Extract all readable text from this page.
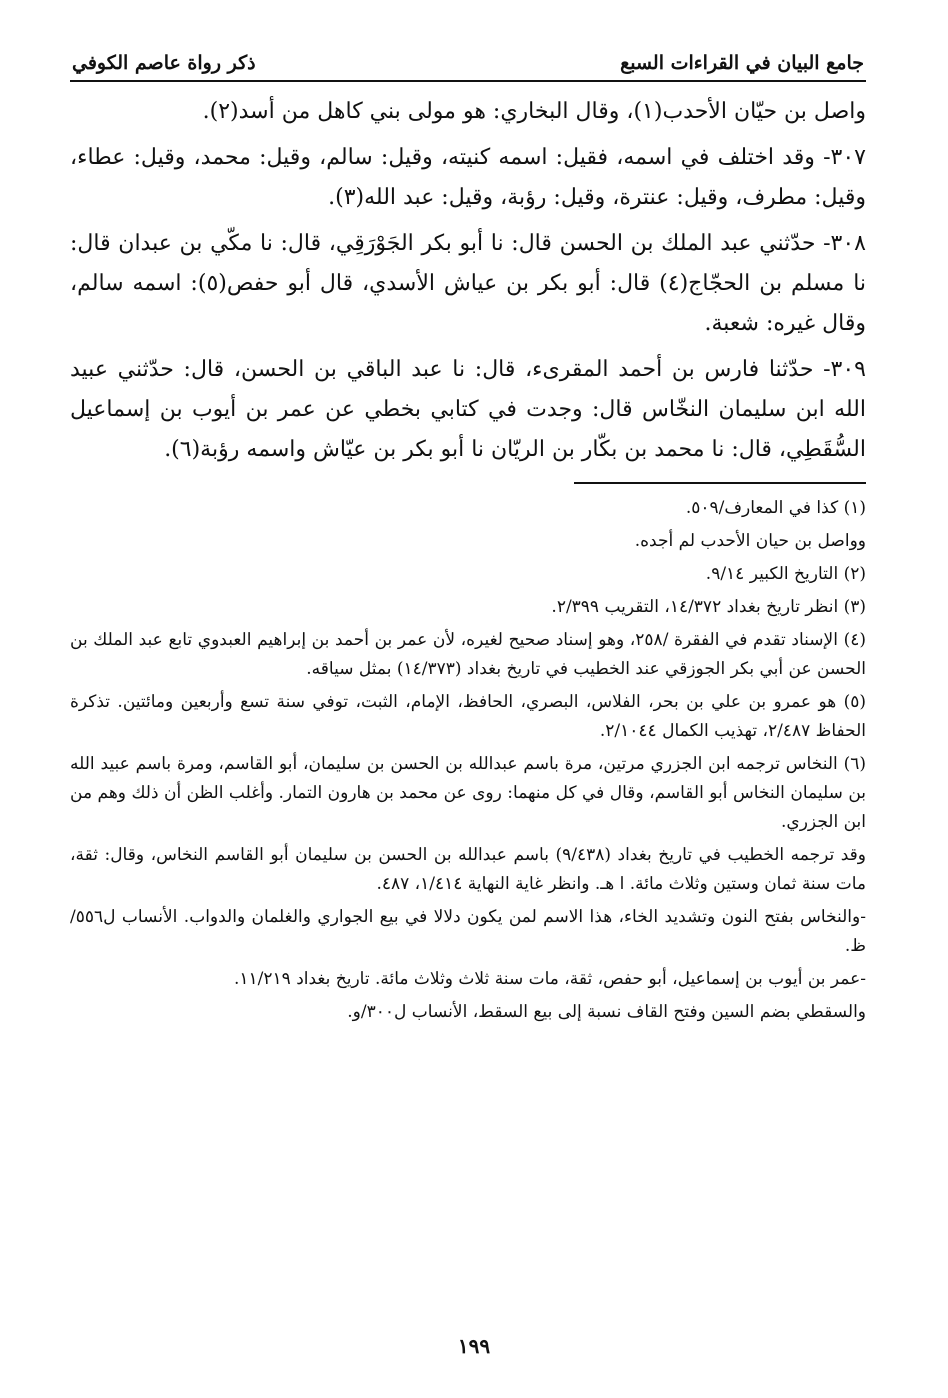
جامع البيان في القراءات السبع
ذكر رواة عاصم الكوفي

واصل بن حيّان الأحدب(١)، وقال البخاري: هو مولى بني كاهل من أسد(٢).

٣٠٧- وقد اختلف في اسمه، فقيل: اسمه كنيته، وقيل: سالم، وقيل: محمد، وقيل: عطاء، وقيل: مطرف، وقيل: عنترة، وقيل: رؤبة، وقيل: عبد الله(٣).

٣٠٨- حدّثني عبد الملك بن الحسن قال: نا أبو بكر الجَوْرَقِي، قال: نا مكّي بن عبدان قال: نا مسلم بن الحجّاج(٤) قال: أبو بكر بن عياش الأسدي، قال أبو حفص(٥): اسمه سالم، وقال غيره: شعبة.

٣٠٩- حدّثنا فارس بن أحمد المقرىء، قال: نا عبد الباقي بن الحسن، قال: حدّثني عبيد الله ابن سليمان النخّاس قال: وجدت في كتابي بخطي عن عمر بن أيوب بن إسماعيل السُّقَطِي، قال: نا محمد بن بكّار بن الريّان نا أبو بكر بن عيّاش واسمه رؤبة(٦).

(١) كذا في المعارف/٥٠٩.

وواصل بن حيان الأحدب لم أجده.

(٢) التاريخ الكبير ٩/١٤.

(٣) انظر تاريخ بغداد ١٤/٣٧٢، التقريب ٢/٣٩٩.

(٤) الإسناد تقدم في الفقرة /٢٥٨، وهو إسناد صحيح لغيره، لأن عمر بن أحمد بن إبراهيم العبدوي تابع عبد الملك بن الحسن عن أبي بكر الجوزقي عند الخطيب في تاريخ بغداد (١٤/٣٧٣) بمثل سياقه.

(٥) هو عمرو بن علي بن بحر، الفلاس، البصري، الحافظ، الإمام، الثبت، توفي سنة تسع وأربعين ومائتين. تذكرة الحفاظ ٢/٤٨٧، تهذيب الكمال ٢/١٠٤٤.

(٦) النخاس ترجمه ابن الجزري مرتين، مرة باسم عبدالله بن الحسن بن سليمان، أبو القاسم، ومرة باسم عبيد الله بن سليمان النخاس أبو القاسم، وقال في كل منهما: روى عن محمد بن هارون التمار. وأغلب الظن أن ذلك وهم من ابن الجزري.

وقد ترجمه الخطيب في تاريخ بغداد (٩/٤٣٨) باسم عبدالله بن الحسن بن سليمان أبو القاسم النخاس، وقال: ثقة، مات سنة ثمان وستين وثلاث مائة. ا هـ. وانظر غاية النهاية ١/٤١٤، ٤٨٧.

-والنخاس بفتح النون وتشديد الخاء، هذا الاسم لمن يكون دلالا في بيع الجواري والغلمان والدواب. الأنساب ل٥٥٦/ظ.

-عمر بن أيوب بن إسماعيل، أبو حفص، ثقة، مات سنة ثلاث وثلاث مائة. تاريخ بغداد ١١/٢١٩.

والسقطي بضم السين وفتح القاف نسبة إلى بيع السقط، الأنساب ل٣٠٠/و.

١٩٩
